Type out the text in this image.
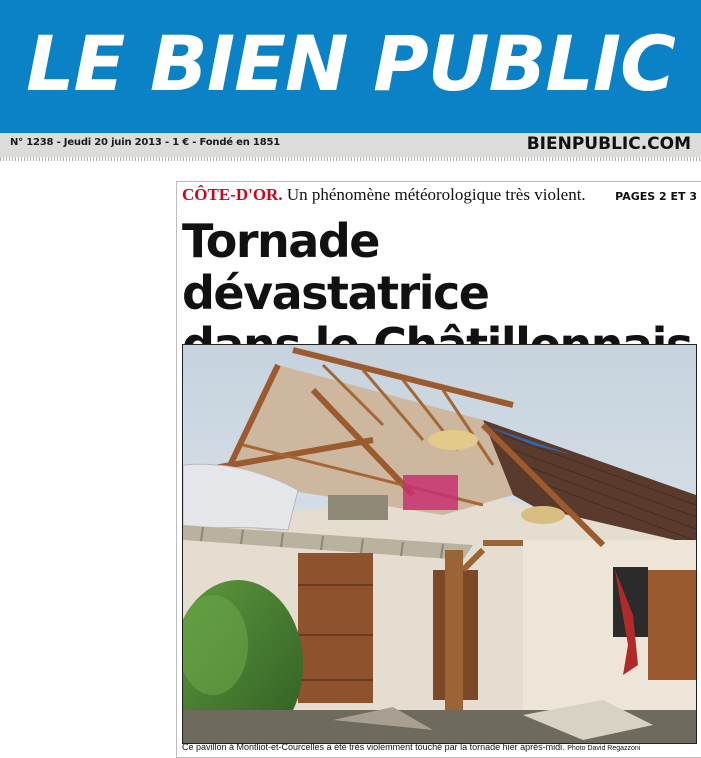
LE BIEN PUBLIC
N° 1238 - Jeudi 20 juin 2013 - 1 € - Fondé en 1851	BIENPUBLIC.COM
CÔTE-D'OR. Un phénomène météorologique très violent.	PAGES 2 ET 3
Tornade dévastatrice
Ce pavillon à Montliot-et-Courcelles a été très violemment touché par la tornade hier après-midi. Photo David Regazzoni
